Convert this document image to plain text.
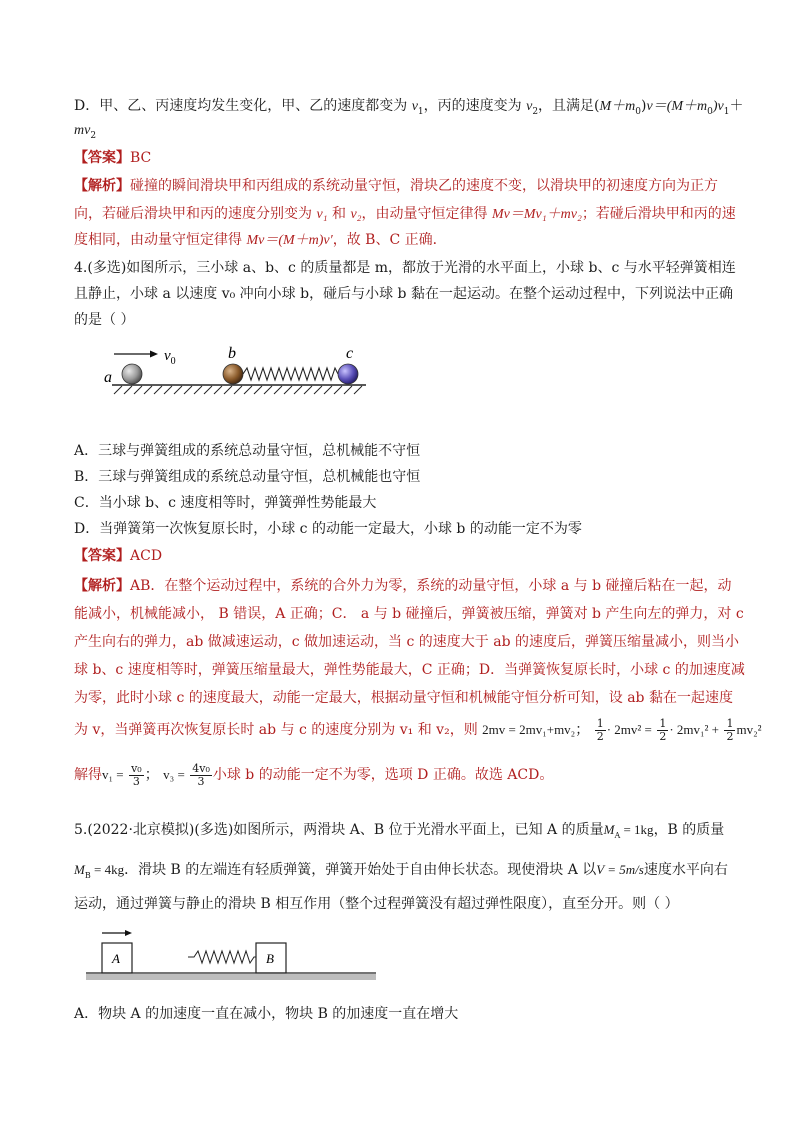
D．甲、乙、丙速度均发生变化，甲、乙的速度都变为 $v_1$，丙的速度变为 $v_2$，且满足$(M+m_0)v=(M+m_0)v_1+$
$mv_2$
【答案】BC
【解析】碰撞的瞬间滑块甲和丙组成的系统动量守恒，滑块乙的速度不变，以滑块甲的初速度方向为正方
向，若碰后滑块甲和丙的速度分别变为 v₁ 和 v₂，由动量守恒定律得 Mv＝Mv₁＋mv₂；若碰后滑块甲和丙的速
度相同，由动量守恒定律得 Mv＝(M＋m)v′，故 B、C 正确．
4.(多选)如图所示，三小球 a、b、c 的质量都是 m，都放于光滑的水平面上，小球 b、c 与水平轻弹簧相连
且静止，小球 a 以速度 v₀ 冲向小球 b，碰后与小球 b 黏在一起运动。在整个运动过程中，下列说法中正确
的是（ ）
$v_0$
a
b	c
A．三球与弹簧组成的系统总动量守恒，总机械能不守恒
B．三球与弹簧组成的系统总动量守恒，总机械能也守恒
C．当小球 b、c 速度相等时，弹簧弹性势能最大
D．当弹簧第一次恢复原长时，小球 c 的动能一定最大，小球 b 的动能一定不为零
【答案】ACD
【解析】AB．在整个运动过程中，系统的合外力为零，系统的动量守恒，小球 a 与 b 碰撞后粘在一起，动
能减小，机械能减小， B 错误，A 正确；C． a 与 b 碰撞后，弹簧被压缩，弹簧对 b 产生向左的弹力，对 c
产生向右的弹力，ab 做减速运动，c 做加速运动，当 c 的速度大于 ab 的速度后，弹簧压缩量减小，则当小
球 b、c 速度相等时，弹簧压缩量最大，弹性势能最大，C 正确；D．当弹簧恢复原长时，小球 c 的加速度减
为零，此时小球 c 的速度最大，动能一定最大，根据动量守恒和机械能守恒分析可知，设 ab 黏在一起速度
为 v，当弹簧再次恢复原长时 ab 与 c 的速度分别为 v₁ 和 v₂，则 2mv = 2mv₁+mv₂； $\frac{1}{2} \cdot 2mv^2 = \frac{1}{2} \cdot 2mv_1^2 + \frac{1}{2} mv_2^2$
解得$v_1 = \frac{\text{v₀}}{3}$ ； $v_3 = \frac{\text{4v₀}}{3}$ 小球 b 的动能一定不为零，选项 D 正确。故选 ACD。
5.(2022·北京模拟)(多选)如图所示，两滑块 A、B 位于光滑水平面上，已知 A 的质量$M_A = 1kg$，B 的质量
$M_B = 4kg$．滑块 B 的左端连有轻质弹簧，弹簧开始处于自由伸长状态。现使滑块 A 以V = 5m/s速度水平向右
运动，通过弹簧与静止的滑块 B 相互作用（整个过程弹簧没有超过弹性限度），直至分开。则（ ）
A	B
A．物块 A 的加速度一直在减小，物块 B 的加速度一直在增大
